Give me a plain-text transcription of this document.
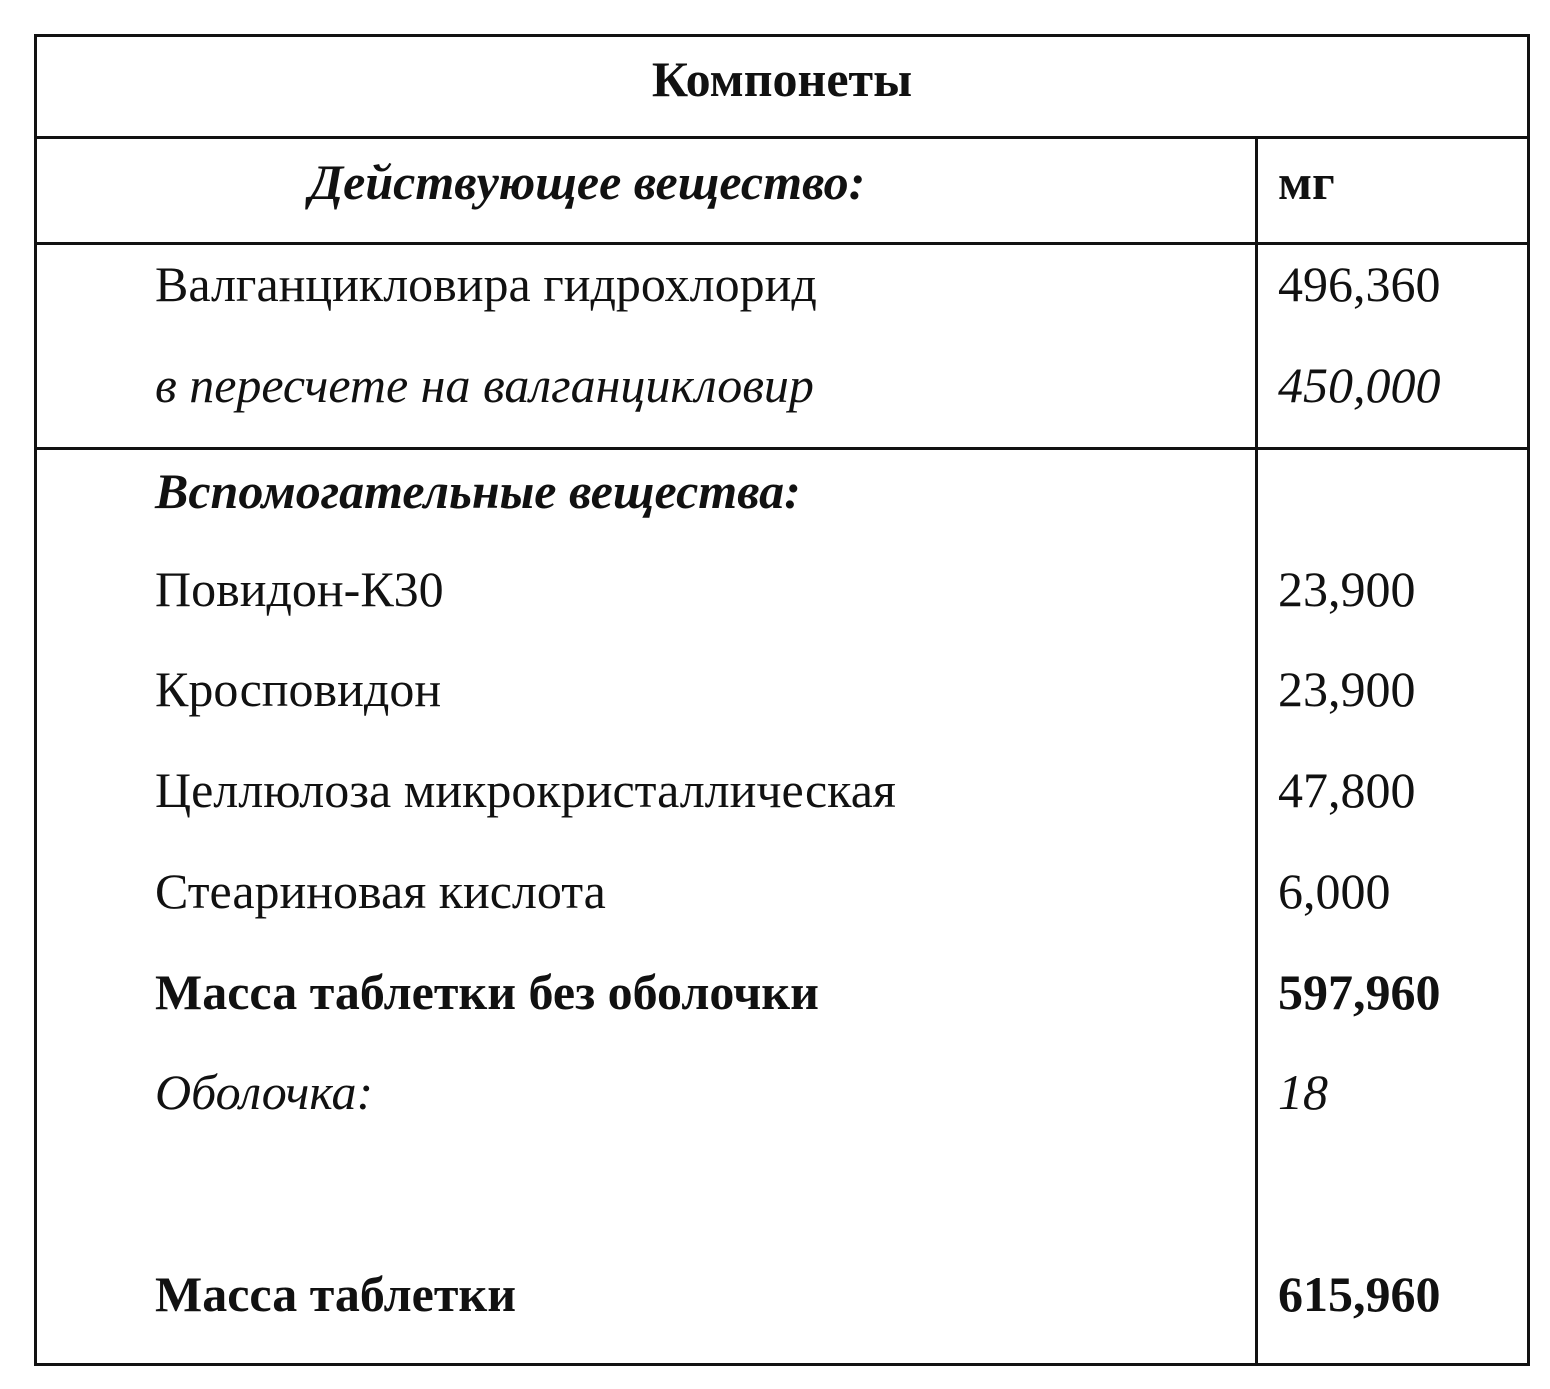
Компонеты
Действующее вещество:	мг
Валганцикловира гидрохлорид	496,360
в пересчете на валганцикловир	450,000
Вспомогательные вещества:
Повидон-К30	23,900
Кросповидон	23,900
Целлюлоза микрокристаллическая	47,800
Стеариновая кислота	6,000
Масса таблетки без оболочки	597,960
Оболочка:	18
Масса таблетки	615,960
